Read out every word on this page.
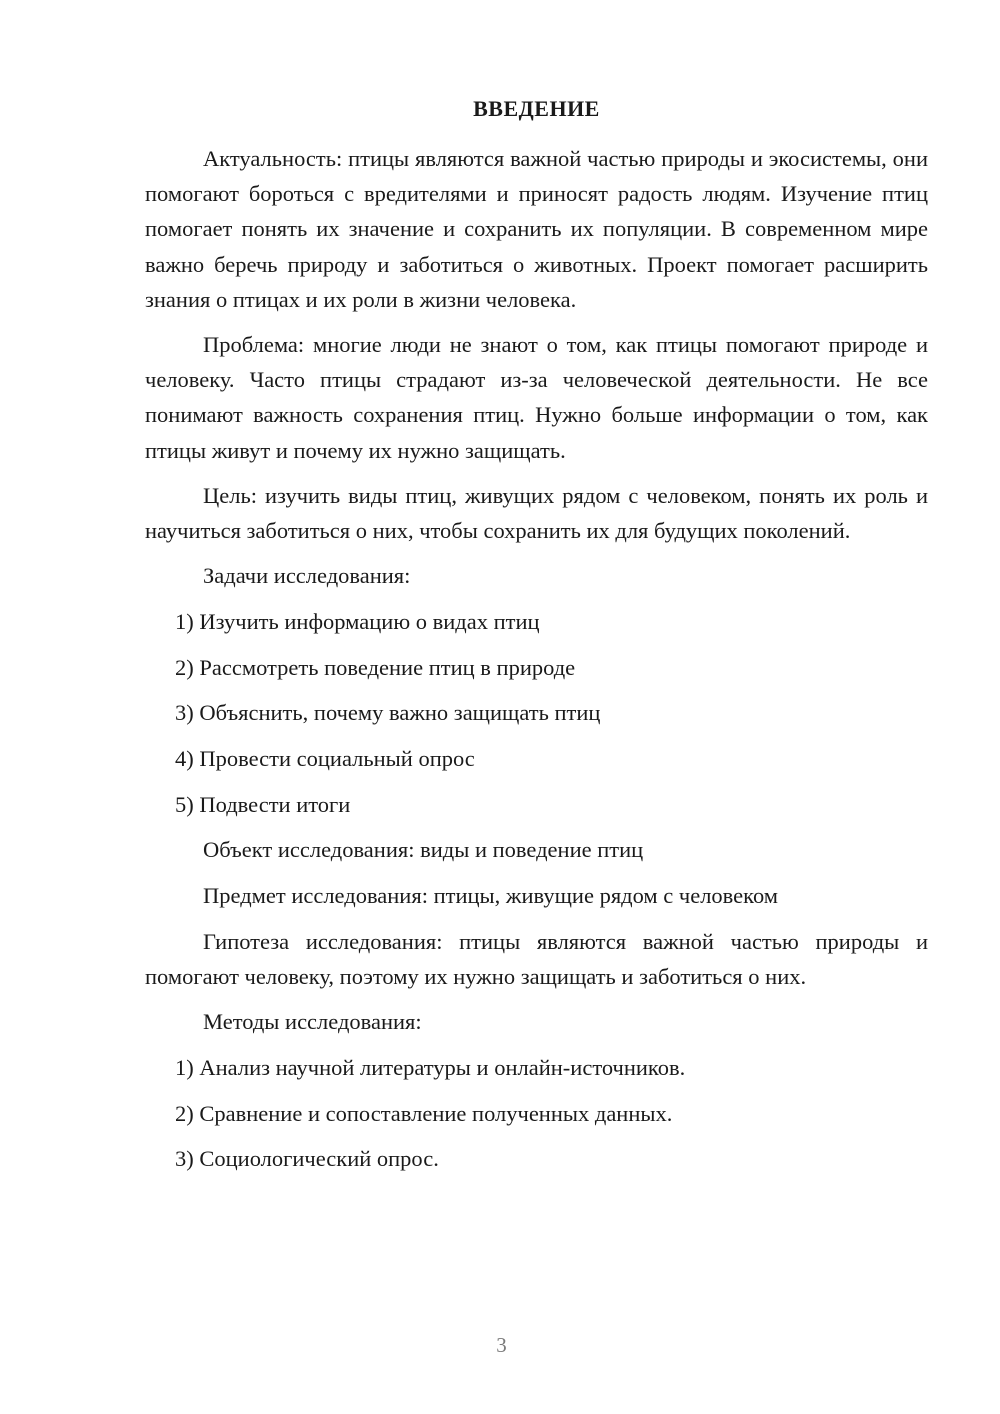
ВВЕДЕНИЕ

Актуальность: птицы являются важной частью природы и экосистемы, они помогают бороться с вредителями и приносят радость людям. Изучение птиц помогает понять их значение и сохранить их популяции. В современном мире важно беречь природу и заботиться о животных. Проект помогает расширить знания о птицах и их роли в жизни человека.

Проблема: многие люди не знают о том, как птицы помогают природе и человеку. Часто птицы страдают из-за человеческой деятельности. Не все понимают важность сохранения птиц. Нужно больше информации о том, как птицы живут и почему их нужно защищать.

Цель: изучить виды птиц, живущих рядом с человеком, понять их роль и научиться заботиться о них, чтобы сохранить их для будущих поколений.

Задачи исследования:
1) Изучить информацию о видах птиц
2) Рассмотреть поведение птиц в природе
3) Объяснить, почему важно защищать птиц
4) Провести социальный опрос
5) Подвести итоги
Объект исследования: виды и поведение птиц
Предмет исследования: птицы, живущие рядом с человеком

Гипотеза исследования: птицы являются важной частью природы и помогают человеку, поэтому их нужно защищать и заботиться о них.

Методы исследования:
1) Анализ научной литературы и онлайн-источников.
2) Сравнение и сопоставление полученных данных.
3) Социологический опрос.
3
